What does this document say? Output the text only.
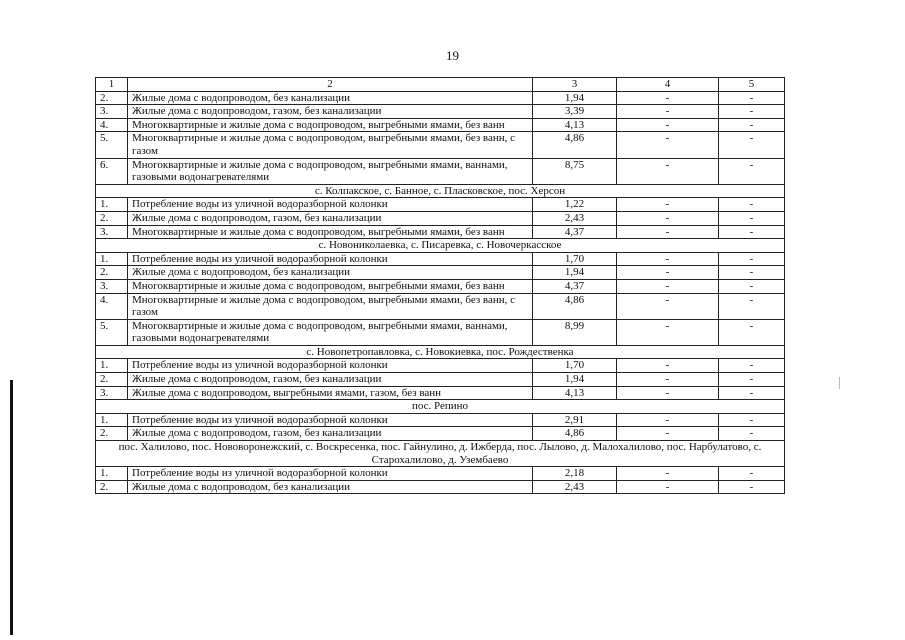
19
1	2	3	4	5
2.	Жилые дома с водопроводом, без канализации	1,94	-	-
3.	Жилые дома с водопроводом, газом, без канализации	3,39	-	-
4.	Многоквартирные и жилые дома с водопроводом, выгребными ямами, без ванн	4,13	-	-
5.	Многоквартирные и жилые дома с водопроводом, выгребными ямами, без ванн, с газом	4,86	-	-
6.	Многоквартирные и жилые дома с водопроводом, выгребными ямами, ваннами, газовыми водонагревателями	8,75	-	-
с. Колпакское, с. Банное, с. Пласковское, пос. Херсон				
1.	Потребление воды из уличной водоразборной колонки	1,22	-	-
2.	Жилые дома с водопроводом, газом, без канализации	2,43	-	-
3.	Многоквартирные и жилые дома с водопроводом, выгребными ямами, без ванн	4,37	-	-
с. Новониколаевка, с. Писаревка, с. Новочеркасское				
1.	Потребление воды из уличной водоразборной колонки	1,70	-	-
2.	Жилые дома с водопроводом, без канализации	1,94	-	-
3.	Многоквартирные и жилые дома с водопроводом, выгребными ямами, без ванн	4,37	-	-
4.	Многоквартирные и жилые дома с водопроводом, выгребными ямами, без ванн, с газом	4,86	-	-
5.	Многоквартирные и жилые дома с водопроводом, выгребными ямами, ваннами, газовыми водонагревателями	8,99	-	-
с. Новопетропавловка, с. Новокиевка, пос. Рождественка				
1.	Потребление воды из уличной водоразборной колонки	1,70	-	-
2.	Жилые дома с водопроводом, газом, без канализации	1,94	-	-
3.	Жилые дома с водопроводом, выгребными ямами, газом, без ванн	4,13	-	-
пос. Репино				
1.	Потребление воды из уличной водоразборной колонки	2,91	-	-
2.	Жилые дома с водопроводом, газом, без канализации	4,86	-	-
пос. Халилово, пос. Нововоронежский, с. Воскресенка, пос. Гайнулино, д. Ижберда, пос. Лылово, д. Малохалилово, пос. Нарбулатово, с. Старохалилово, д. Узембаево				
1.	Потребление воды из уличной водоразборной колонки	2,18	-	-
2.	Жилые дома с водопроводом, без канализации	2,43	-	-
